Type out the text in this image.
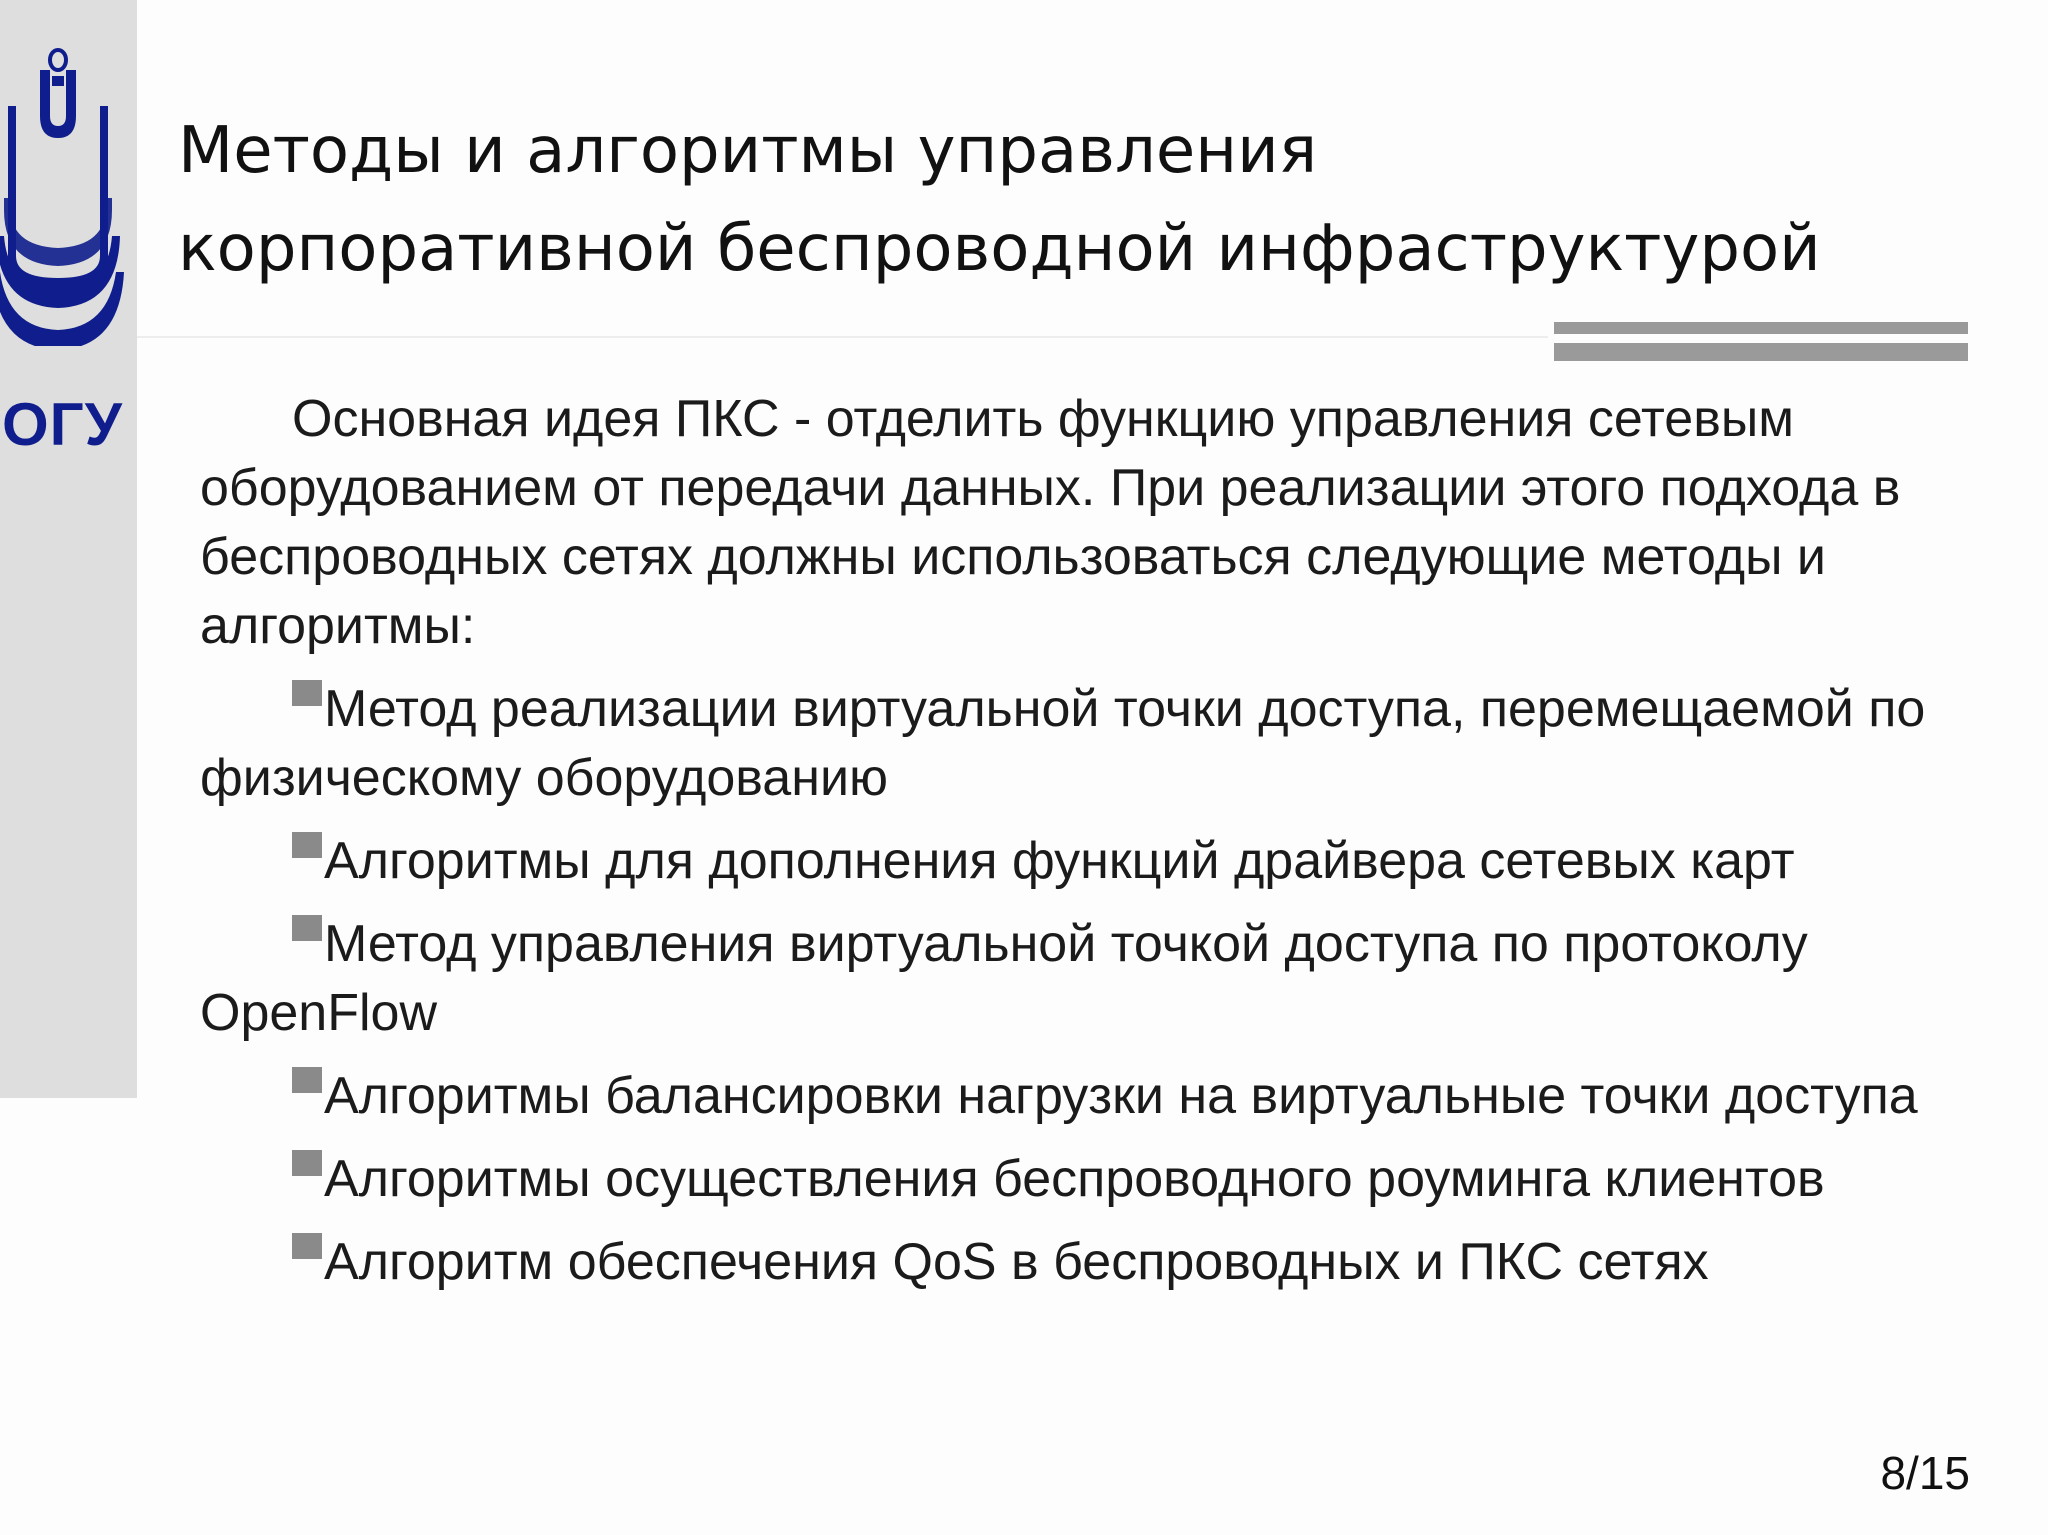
ОГУ
Методы и алгоритмы управления
корпоративной беспроводной инфраструктурой

Основная идея ПКС - отделить функцию управления сетевым оборудованием от передачи данных. При реализации этого подхода в беспроводных сетях должны использоваться следующие методы и алгоритмы:

Метод реализации виртуальной точки доступа, перемещаемой по физическому оборудованию

Алгоритмы для дополнения функций драйвера сетевых карт

Метод управления виртуальной точкой доступа по протоколу OpenFlow

Алгоритмы балансировки нагрузки на виртуальные точки доступа

Алгоритмы осуществления беспроводного роуминга клиентов

Алгоритм обеспечения QoS в беспроводных и ПКС сетях

8/15
